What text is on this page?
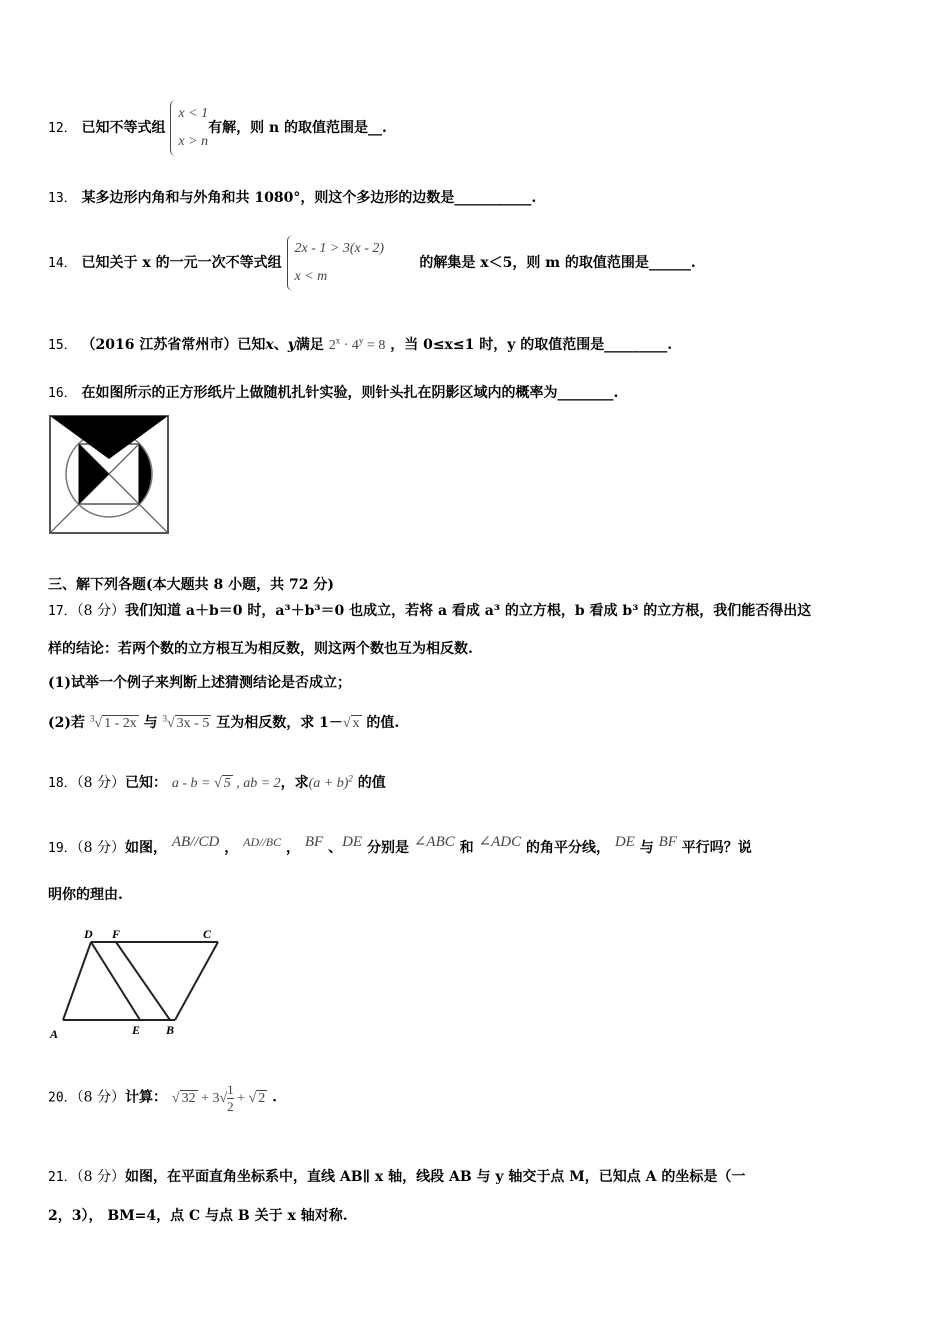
12． 已知不等式组
x < 1
x > n
有解，则 n 的取值范围是__.
13． 某多边形内角和与外角和共 1080°，则这个多边形的边数是___________.
14． 已知关于 x 的一元一次不等式组
2x - 1 > 3(x - 2)
x < m
的解集是 x＜5，则 m 的取值范围是______.
15． （2016 江苏省常州市）已知x、y满足 $2^x \cdot 4^y = 8$ ，当 0≤x≤1 时，y 的取值范围是_________.
16． 在如图所示的正方形纸片上做随机扎针实验，则针头扎在阴影区域内的概率为________.
三、解下列各题(本大题共 8 小题，共 72 分)
17．（8 分）我们知道 a＋b＝0 时，a³＋b³＝0 也成立，若将 a 看成 a³ 的立方根，b 看成 b³ 的立方根，我们能否得出这
样的结论：若两个数的立方根互为相反数，则这两个数也互为相反数.
(1)试举一个例子来判断上述猜测结论是否成立；
(2)若 $^3$√ 1 - 2x 与 $^3$√ 3x - 5 互为相反数，求 1－√ x 的值.
18．（8 分）已知： a - b = √ 5 , ab = 2，求$(a + b)^2$ 的值
19．（8 分）如图， AB//CD ， AD//BC ， BF 、DE 分别是 ∠ABC 和 ∠ADC 的角平分线， DE 与 BF 平行吗？说
明你的理由.
D F	C
A	E B
20．（8 分）计算： √ $32 + 3√ \frac{1}{2}$ + √ 2 .
21．（8 分）如图，在平面直角坐标系中，直线 AB∥ x 轴，线段 AB 与 y 轴交于点 M，已知点 A 的坐标是（一
2，3）， BM=4，点 C 与点 B 关于 x 轴对称.
